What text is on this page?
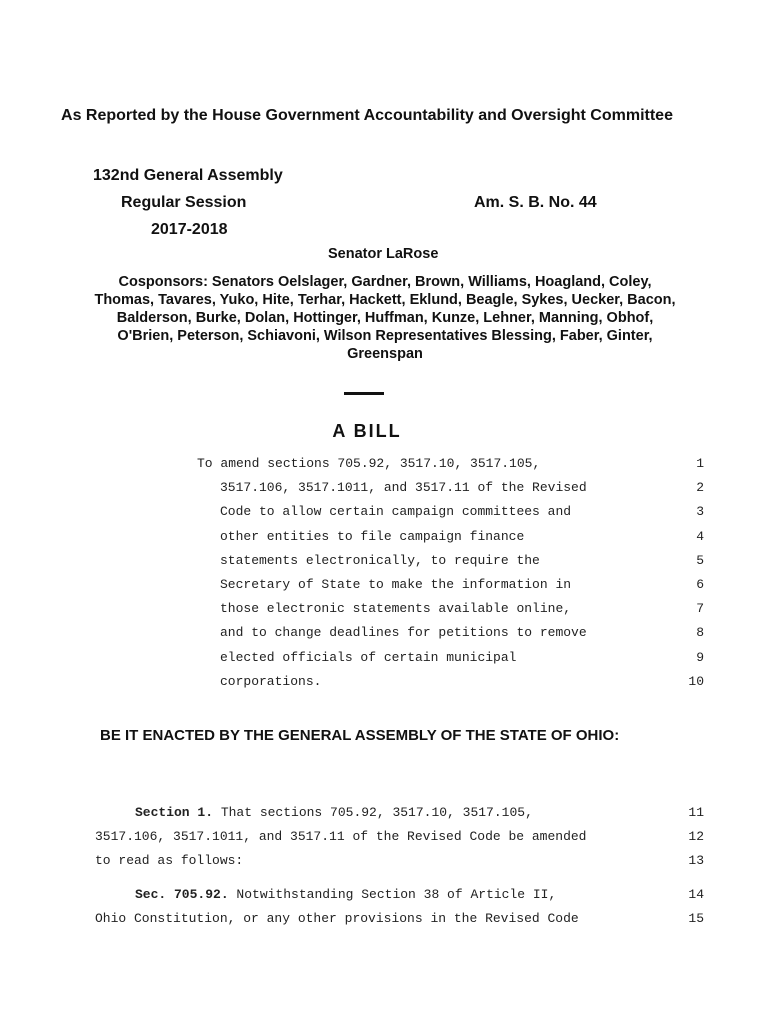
As Reported by the House Government Accountability and Oversight Committee
132nd General Assembly
Regular Session	Am. S. B. No. 44
2017-2018
Senator LaRose
Cosponsors: Senators Oelslager, Gardner, Brown, Williams, Hoagland, Coley, Thomas, Tavares, Yuko, Hite, Terhar, Hackett, Eklund, Beagle, Sykes, Uecker, Bacon, Balderson, Burke, Dolan, Hottinger, Huffman, Kunze, Lehner, Manning, Obhof, O'Brien, Peterson, Schiavoni, Wilson Representatives Blessing, Faber, Ginter, Greenspan
A BILL
To amend sections 705.92, 3517.10, 3517.105,	1
3517.106, 3517.1011, and 3517.11 of the Revised	2
Code to allow certain campaign committees and	3
other entities to file campaign finance	4
statements electronically, to require the	5
Secretary of State to make the information in	6
those electronic statements available online,	7
and to change deadlines for petitions to remove	8
elected officials of certain municipal	9
corporations.	10
BE IT ENACTED BY THE GENERAL ASSEMBLY OF THE STATE OF OHIO:
Section 1. That sections 705.92, 3517.10, 3517.105,
3517.106, 3517.1011, and 3517.11 of the Revised Code be amended
to read as follows:
Sec. 705.92. Notwithstanding Section 38 of Article II,
Ohio Constitution, or any other provisions in the Revised Code
11
12
13
14
15
